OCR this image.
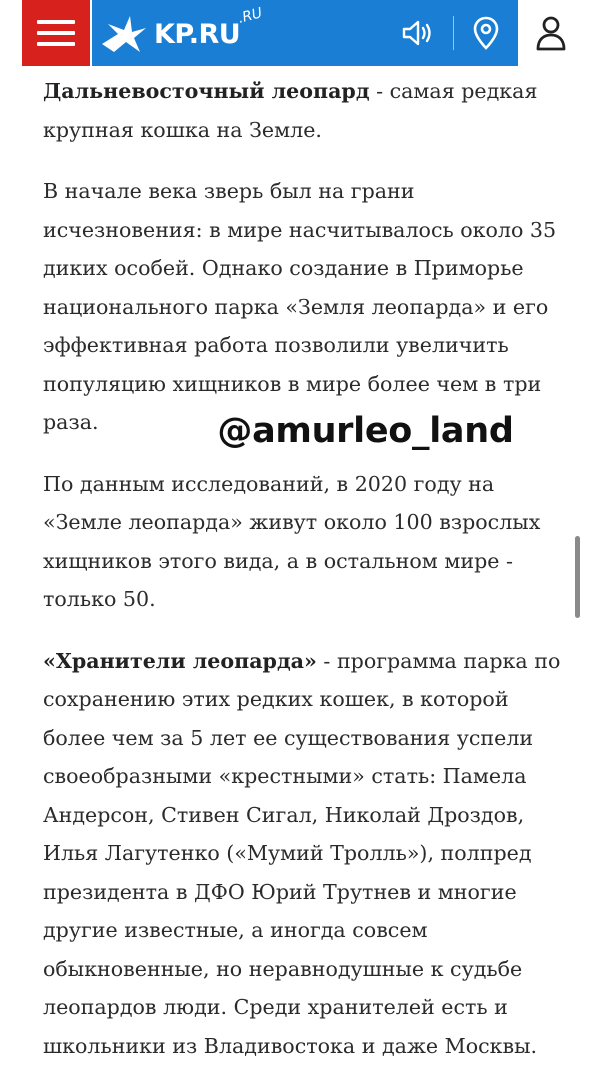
KP.RU
.RU

Дальневосточный леопард - самая редкая крупная кошка на Земле.

В начале века зверь был на грани исчезновения: в мире насчитывалось около 35 диких особей. Однако создание в Приморье национального парка «Земля леопарда» и его эффективная работа позволили увеличить популяцию хищников в мире более чем в три раза.

По данным исследований, в 2020 году на «Земле леопарда» живут около 100 взрослых хищников этого вида, а в остальном мире - только 50.

«Хранители леопарда» - программа парка по сохранению этих редких кошек, в которой более чем за 5 лет ее существования успели своеобразными «крестными» стать: Памела Андерсон, Стивен Сигал, Николай Дроздов, Илья Лагутенко («Мумий Тролль»), полпред президента в ДФО Юрий Трутнев и многие другие известные, а иногда совсем обыкновенные, но неравнодушные к судьбе леопардов люди. Среди хранителей есть и школьники из Владивостока и даже Москвы.

@amurleo_land
